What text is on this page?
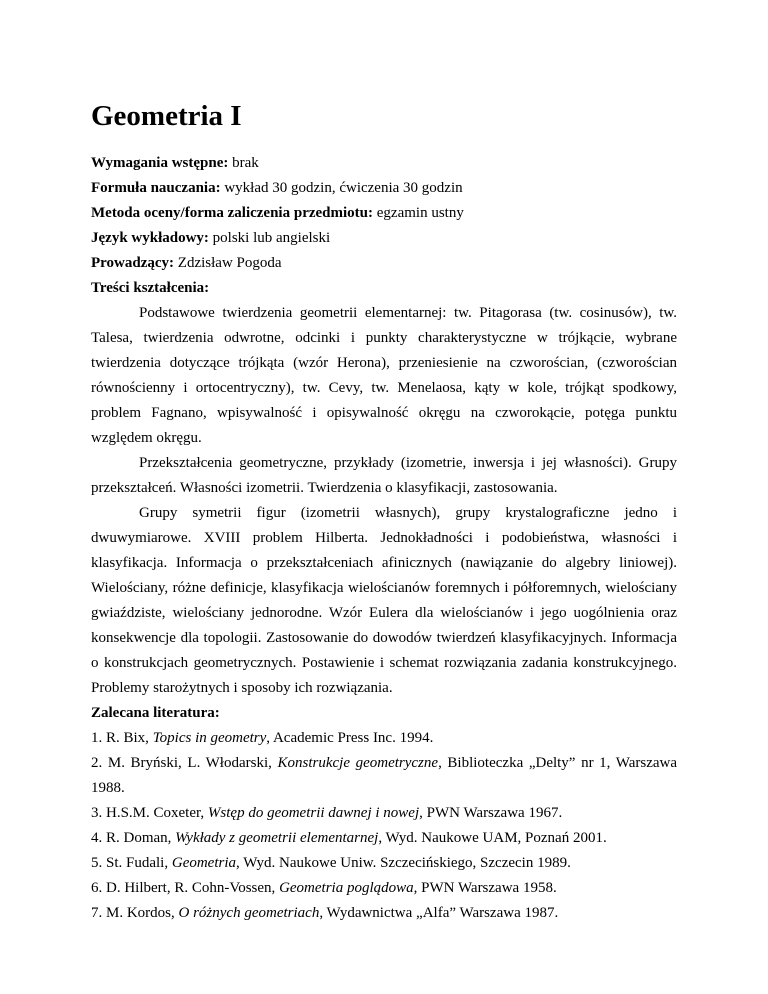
Geometria I

Wymagania wstępne: brak

Formuła nauczania: wykład 30 godzin, ćwiczenia 30 godzin

Metoda oceny/forma zaliczenia przedmiotu: egzamin ustny

Język wykładowy: polski lub angielski

Prowadzący: Zdzisław Pogoda

Treści kształcenia:

Podstawowe twierdzenia geometrii elementarnej: tw. Pitagorasa (tw. cosinusów), tw. Talesa, twierdzenia odwrotne, odcinki i punkty charakterystyczne w trójkącie, wybrane twierdzenia dotyczące trójkąta (wzór Herona), przeniesienie na czworościan, (czworościan równościenny i ortocentryczny), tw. Cevy, tw. Menelaosa, kąty w kole, trójkąt spodkowy, problem Fagnano, wpisywalność i opisywalność okręgu na czworokącie, potęga punktu względem okręgu.

Przekształcenia geometryczne, przykłady (izometrie, inwersja i jej własności). Grupy przekształceń. Własności izometrii. Twierdzenia o klasyfikacji, zastosowania.

Grupy symetrii figur (izometrii własnych), grupy krystalograficzne jedno i dwuwymiarowe. XVIII problem Hilberta. Jednokładności i podobieństwa, własności i klasyfikacja. Informacja o przekształceniach afinicznych (nawiązanie do algebry liniowej). Wielościany, różne definicje, klasyfikacja wielościanów foremnych i półforemnych, wielościany gwiaździste, wielościany jednorodne. Wzór Eulera dla wielościanów i jego uogólnienia oraz konsekwencje dla topologii. Zastosowanie do dowodów twierdzeń klasyfikacyjnych. Informacja o konstrukcjach geometrycznych. Postawienie i schemat rozwiązania zadania konstrukcyjnego. Problemy starożytnych i sposoby ich rozwiązania.

Zalecana literatura:

1. R. Bix, Topics in geometry, Academic Press Inc. 1994.

2. M. Bryński, L. Włodarski, Konstrukcje geometryczne, Biblioteczka „Delty” nr 1, Warszawa 1988.

3. H.S.M. Coxeter, Wstęp do geometrii dawnej i nowej, PWN Warszawa 1967.

4. R. Doman, Wykłady z geometrii elementarnej, Wyd. Naukowe UAM, Poznań 2001.

5. St. Fudali, Geometria, Wyd. Naukowe Uniw. Szczecińskiego, Szczecin 1989.

6. D. Hilbert, R. Cohn-Vossen, Geometria poglądowa, PWN Warszawa 1958.

7. M. Kordos, O różnych geometriach, Wydawnictwa „Alfa” Warszawa 1987.
